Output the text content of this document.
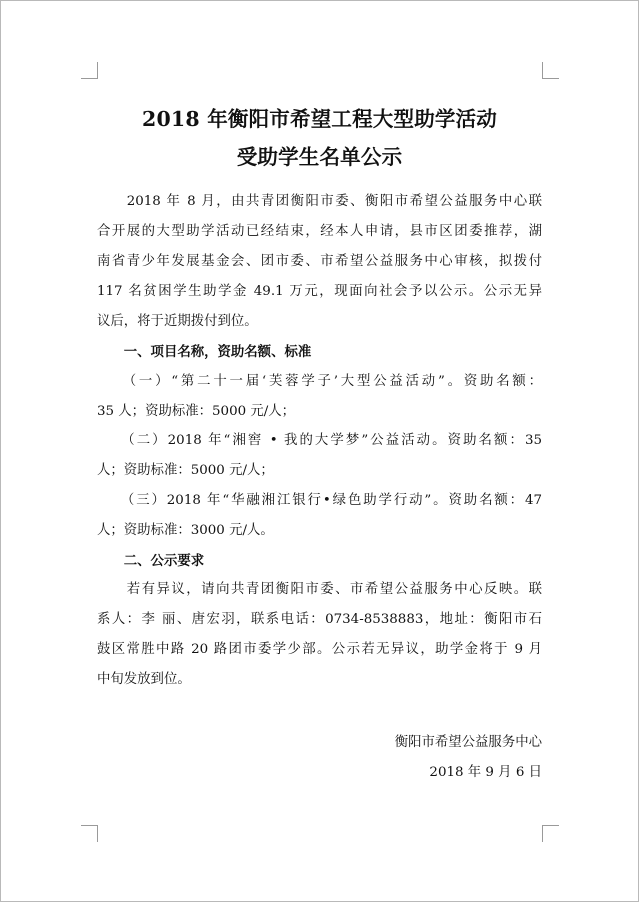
2018 年衡阳市希望工程大型助学活动
受助学生名单公示
　　2018 年 8 月，由共青团衡阳市委、衡阳市希望公益服务中心联
合开展的大型助学活动已经结束，经本人申请，县市区团委推荐，湖
南省青少年发展基金会、团市委、市希望公益服务中心审核，拟拨付
117 名贫困学生助学金 49.1 万元，现面向社会予以公示。公示无异
议后，将于近期拨付到位。
　　一、项目名称，资助名额、标准
　　（一）“第二十一届‘芙蓉学子’大型公益活动”。资助名额：
35 人；资助标准：5000 元/人；
　　（二）2018 年“湘窖 • 我的大学梦”公益活动。资助名额：35
人；资助标准：5000 元/人；
　　（三）2018 年“华融湘江银行•绿色助学行动”。资助名额：47
人；资助标准：3000 元/人。
　　二、公示要求
　　若有异议，请向共青团衡阳市委、市希望公益服务中心反映。联
系人：李 丽、唐宏羽，联系电话：0734-8538883，地址：衡阳市石
鼓区常胜中路 20 路团市委学少部。公示若无异议，助学金将于 9 月
中旬发放到位。
衡阳市希望公益服务中心
2018 年 9 月 6 日
